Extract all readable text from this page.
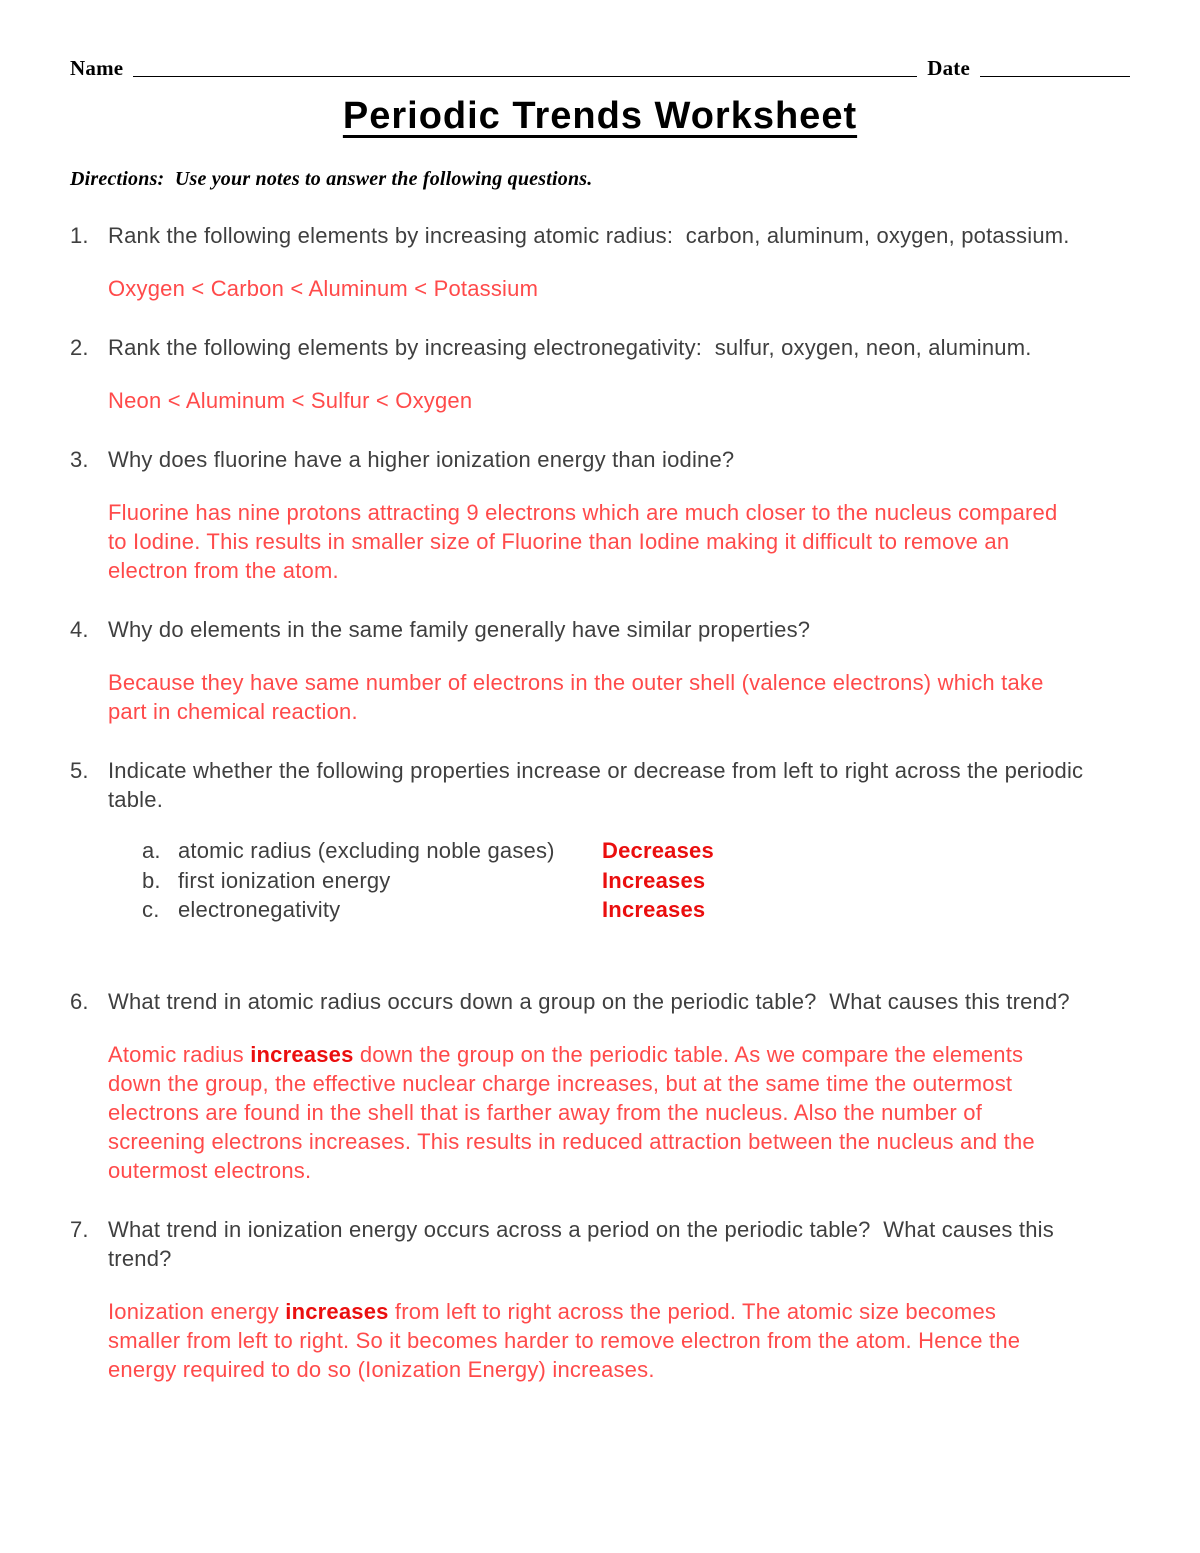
Name	Date
Periodic Trends Worksheet

Directions:  Use your notes to answer the following questions.

1. Rank the following elements by increasing atomic radius:  carbon, aluminum, oxygen, potassium.

Oxygen < Carbon < Aluminum < Potassium

2. Rank the following elements by increasing electronegativity:  sulfur, oxygen, neon, aluminum.

Neon < Aluminum < Sulfur < Oxygen

3. Why does fluorine have a higher ionization energy than iodine?

Fluorine has nine protons attracting 9 electrons which are much closer to the nucleus compared to Iodine. This results in smaller size of Fluorine than Iodine making it difficult to remove an electron from the atom.

4. Why do elements in the same family generally have similar properties?

Because they have same number of electrons in the outer shell (valence electrons) which take part in chemical reaction.

5. Indicate whether the following properties increase or decrease from left to right across the periodic table.

a. atomic radius (excluding noble gases)	Decreases
b. first ionization energy	Increases
c. electronegativity	Increases
6. What trend in atomic radius occurs down a group on the periodic table?  What causes this trend?

Atomic radius increases down the group on the periodic table. As we compare the elements down the group, the effective nuclear charge increases, but at the same time the outermost electrons are found in the shell that is farther away from the nucleus. Also the number of screening electrons increases. This results in reduced attraction between the nucleus and the outermost electrons.

7. What trend in ionization energy occurs across a period on the periodic table?  What causes this trend?

Ionization energy increases from left to right across the period. The atomic size becomes smaller from left to right. So it becomes harder to remove electron from the atom. Hence the energy required to do so (Ionization Energy) increases.
